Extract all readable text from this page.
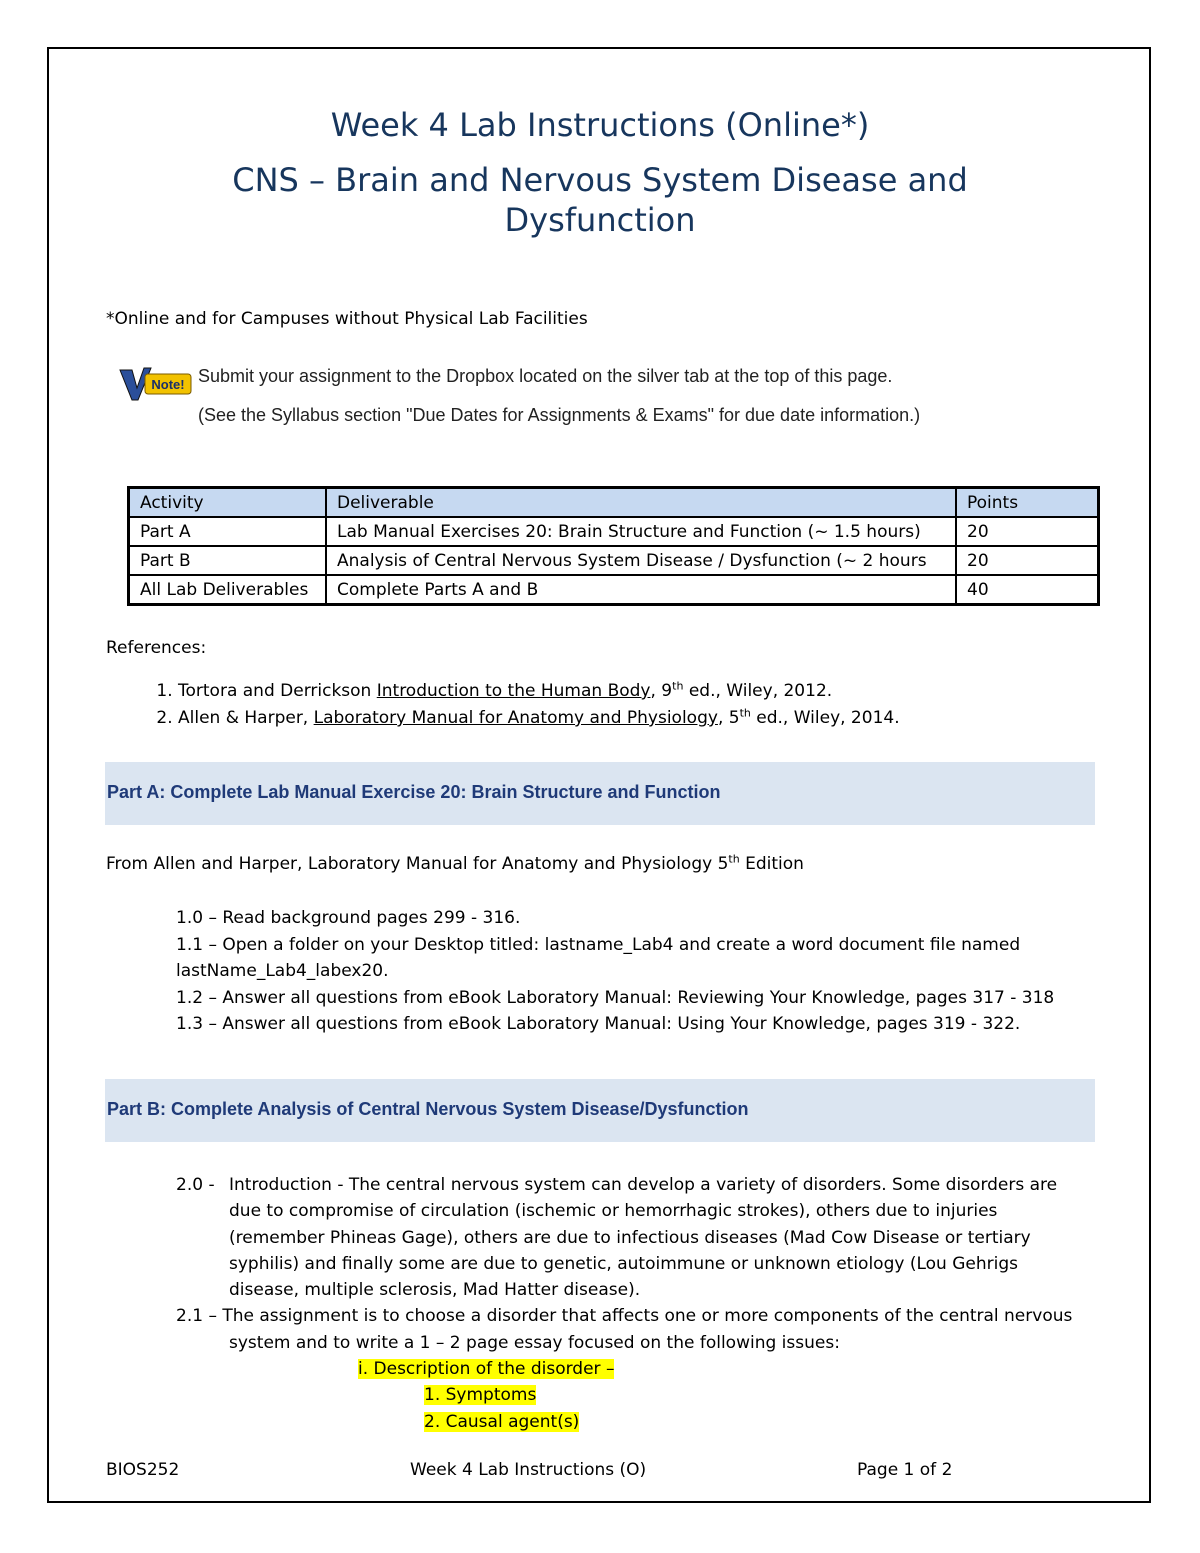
Week 4 Lab Instructions (Online*)
CNS – Brain and Nervous System Disease and Dysfunction
*Online and for Campuses without Physical Lab Facilities
Note! Submit your assignment to the Dropbox located on the silver tab at the top of this page.
(See the Syllabus section "Due Dates for Assignments & Exams" for due date information.)
Activity	Deliverable	Points
Part A	Lab Manual Exercises 20: Brain Structure and Function (~ 1.5 hours)	20
Part B	Analysis of Central Nervous System Disease / Dysfunction (~ 2 hours	20
All Lab Deliverables	Complete Parts A and B	40
References:
1. Tortora and Derrickson Introduction to the Human Body, 9th ed., Wiley, 2012.
2. Allen & Harper, Laboratory Manual for Anatomy and Physiology, 5th ed., Wiley, 2014.
Part A: Complete Lab Manual Exercise 20: Brain Structure and Function
From Allen and Harper, Laboratory Manual for Anatomy and Physiology 5th Edition
1.0 – Read background pages 299 - 316.
1.1 – Open a folder on your Desktop titled: lastname_Lab4 and create a word document file named
lastName_Lab4_labex20.
1.2 – Answer all questions from eBook Laboratory Manual: Reviewing Your Knowledge, pages 317 - 318
1.3 – Answer all questions from eBook Laboratory Manual: Using Your Knowledge, pages 319 - 322.
Part B: Complete Analysis of Central Nervous System Disease/Dysfunction
2.0 - Introduction - The central nervous system can develop a variety of disorders. Some disorders are
due to compromise of circulation (ischemic or hemorrhagic strokes), others due to injuries
(remember Phineas Gage), others are due to infectious diseases (Mad Cow Disease or tertiary
syphilis) and finally some are due to genetic, autoimmune or unknown etiology (Lou Gehrigs
disease, multiple sclerosis, Mad Hatter disease).
2.1 – The assignment is to choose a disorder that affects one or more components of the central nervous
system and to write a 1 – 2 page essay focused on the following issues:
i. Description of the disorder –
1. Symptoms
2. Causal agent(s)
BIOS252	Week 4 Lab Instructions (O)	Page 1 of 2
